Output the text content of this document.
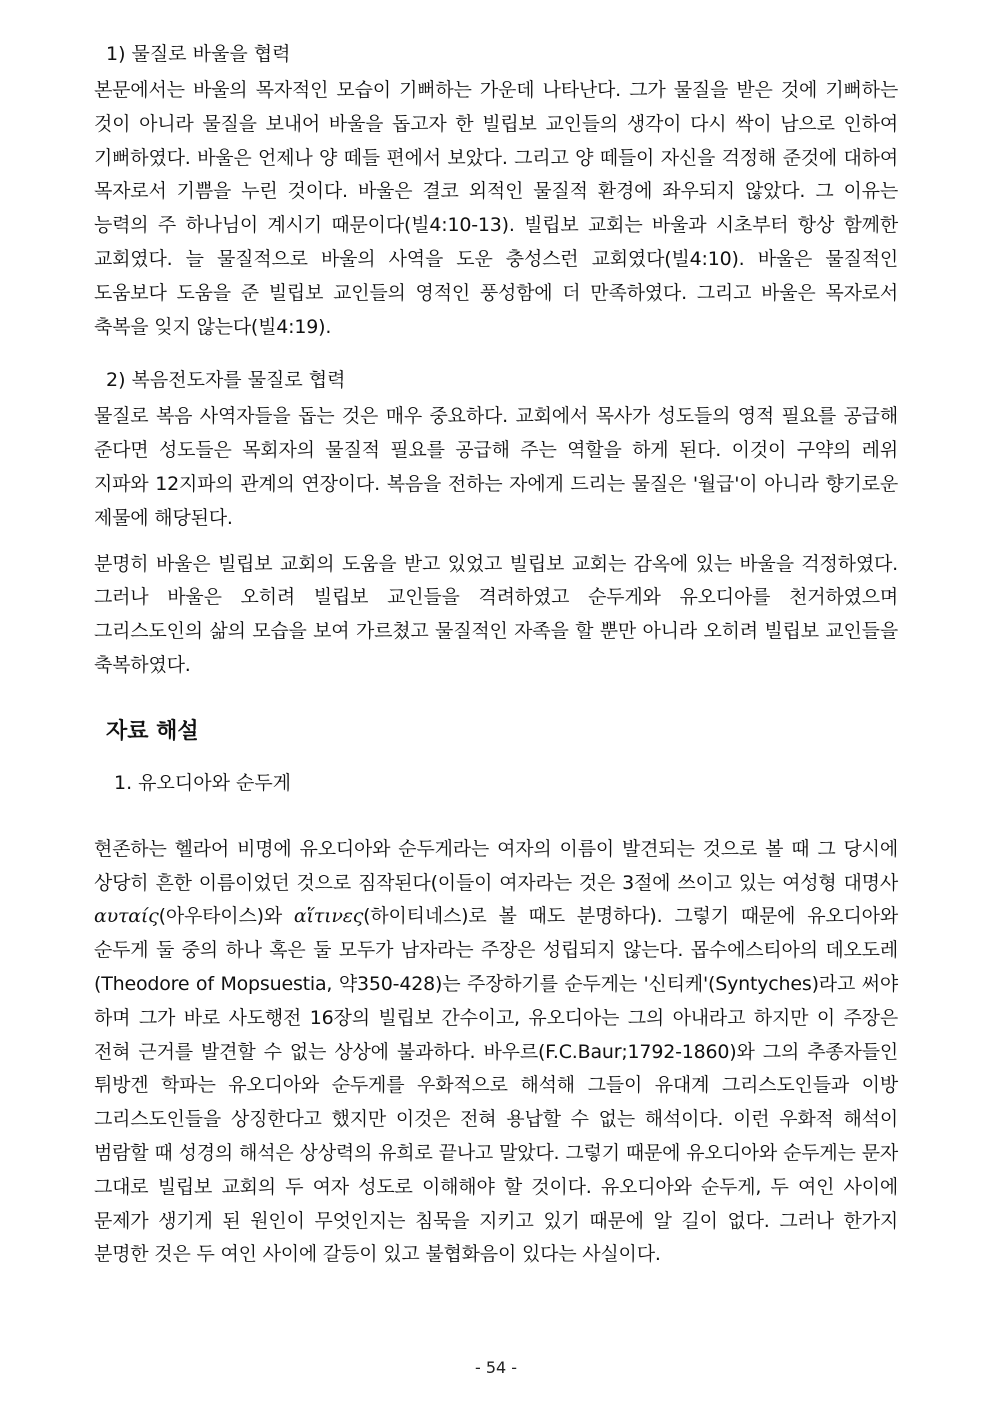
1) 물질로 바울을 협력

본문에서는 바울의 목자적인 모습이 기뻐하는 가운데 나타난다. 그가 물질을 받은 것에 기뻐하는 것이 아니라 물질을 보내어 바울을 돕고자 한 빌립보 교인들의 생각이 다시 싹이 남으로 인하여 기뻐하였다. 바울은 언제나 양 떼들 편에서 보았다. 그리고 양 떼들이 자신을 걱정해 준것에 대하여 목자로서 기쁨을 누린 것이다. 바울은 결코 외적인 물질적 환경에 좌우되지 않았다. 그 이유는 능력의 주 하나님이 계시기 때문이다(빌4:10-13). 빌립보 교회는 바울과 시초부터 항상 함께한 교회였다. 늘 물질적으로 바울의 사역을 도운 충성스런 교회였다(빌4:10). 바울은 물질적인 도움보다 도움을 준 빌립보 교인들의 영적인 풍성함에 더 만족하였다. 그리고 바울은 목자로서 축복을 잊지 않는다(빌4:19).

2) 복음전도자를 물질로 협력

물질로 복음 사역자들을 돕는 것은 매우 중요하다. 교회에서 목사가 성도들의 영적 필요를 공급해 준다면 성도들은 목회자의 물질적 필요를 공급해 주는 역할을 하게 된다. 이것이 구약의 레위 지파와 12지파의 관계의 연장이다. 복음을 전하는 자에게 드리는 물질은 '월급'이 아니라 향기로운 제물에 해당된다.

분명히 바울은 빌립보 교회의 도움을 받고 있었고 빌립보 교회는 감옥에 있는 바울을 걱정하였다. 그러나 바울은 오히려 빌립보 교인들을 격려하였고 순두게와 유오디아를 천거하였으며 그리스도인의 삶의 모습을 보여 가르쳤고 물질적인 자족을 할 뿐만 아니라 오히려 빌립보 교인들을 축복하였다.

자료 해설
1. 유오디아와 순두게

현존하는 헬라어 비명에 유오디아와 순두게라는 여자의 이름이 발견되는 것으로 볼 때 그 당시에 상당히 흔한 이름이었던 것으로 짐작된다(이들이 여자라는 것은 3절에 쓰이고 있는 여성형 대명사 αυταίς(아우타이스)와 αἵτινες(하이티네스)로 볼 때도 분명하다). 그렇기 때문에 유오디아와 순두게 둘 중의 하나 혹은 둘 모두가 남자라는 주장은 성립되지 않는다. 몹수에스티아의 데오도레(Theodore of Mopsuestia, 약350-428)는 주장하기를 순두게는 '신티케'(Syntyches)라고 써야 하며 그가 바로 사도행전 16장의 빌립보 간수이고, 유오디아는 그의 아내라고 하지만 이 주장은 전혀 근거를 발견할 수 없는 상상에 불과하다. 바우르(F.C.Baur;1792-1860)와 그의 추종자들인 튀방겐 학파는 유오디아와 순두게를 우화적으로 해석해 그들이 유대계 그리스도인들과 이방 그리스도인들을 상징한다고 했지만 이것은 전혀 용납할 수 없는 해석이다. 이런 우화적 해석이 범람할 때 성경의 해석은 상상력의 유희로 끝나고 말았다. 그렇기 때문에 유오디아와 순두게는 문자 그대로 빌립보 교회의 두 여자 성도로 이해해야 할 것이다. 유오디아와 순두게, 두 여인 사이에 문제가 생기게 된 원인이 무엇인지는 침묵을 지키고 있기 때문에 알 길이 없다. 그러나 한가지 분명한 것은 두 여인 사이에 갈등이 있고 불협화음이 있다는 사실이다.

- 54 -
